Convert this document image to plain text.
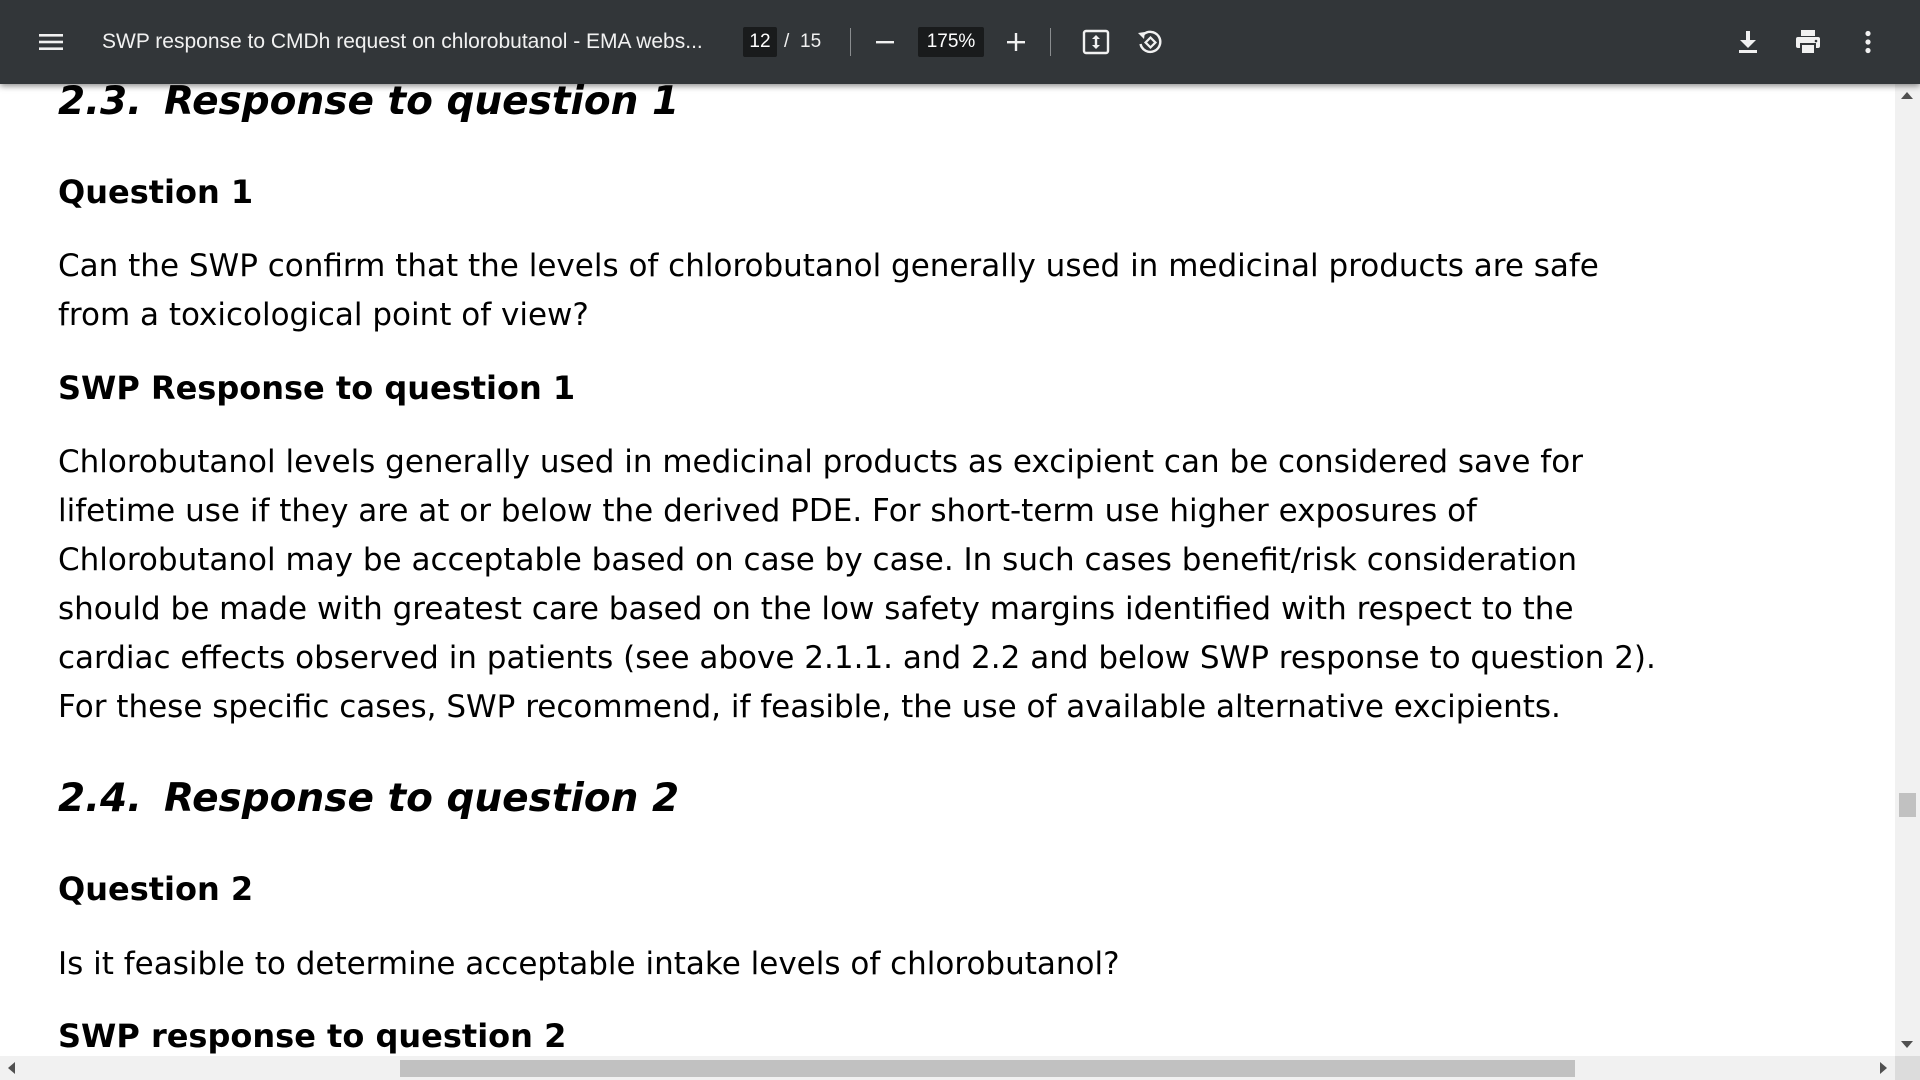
SWP response to CMDh request on chlorobutanol - EMA webs...	12 / 15	175%
2.3. Response to question 1
Question 1
Can the SWP confirm that the levels of chlorobutanol generally used in medicinal products are safe
from a toxicological point of view?
SWP Response to question 1
Chlorobutanol levels generally used in medicinal products as excipient can be considered save for
lifetime use if they are at or below the derived PDE. For short-term use higher exposures of
Chlorobutanol may be acceptable based on case by case. In such cases benefit/risk consideration
should be made with greatest care based on the low safety margins identified with respect to the
cardiac effects observed in patients (see above 2.1.1. and 2.2 and below SWP response to question 2).
For these specific cases, SWP recommend, if feasible, the use of available alternative excipients.
2.4. Response to question 2
Question 2
Is it feasible to determine acceptable intake levels of chlorobutanol?
SWP response to question 2
